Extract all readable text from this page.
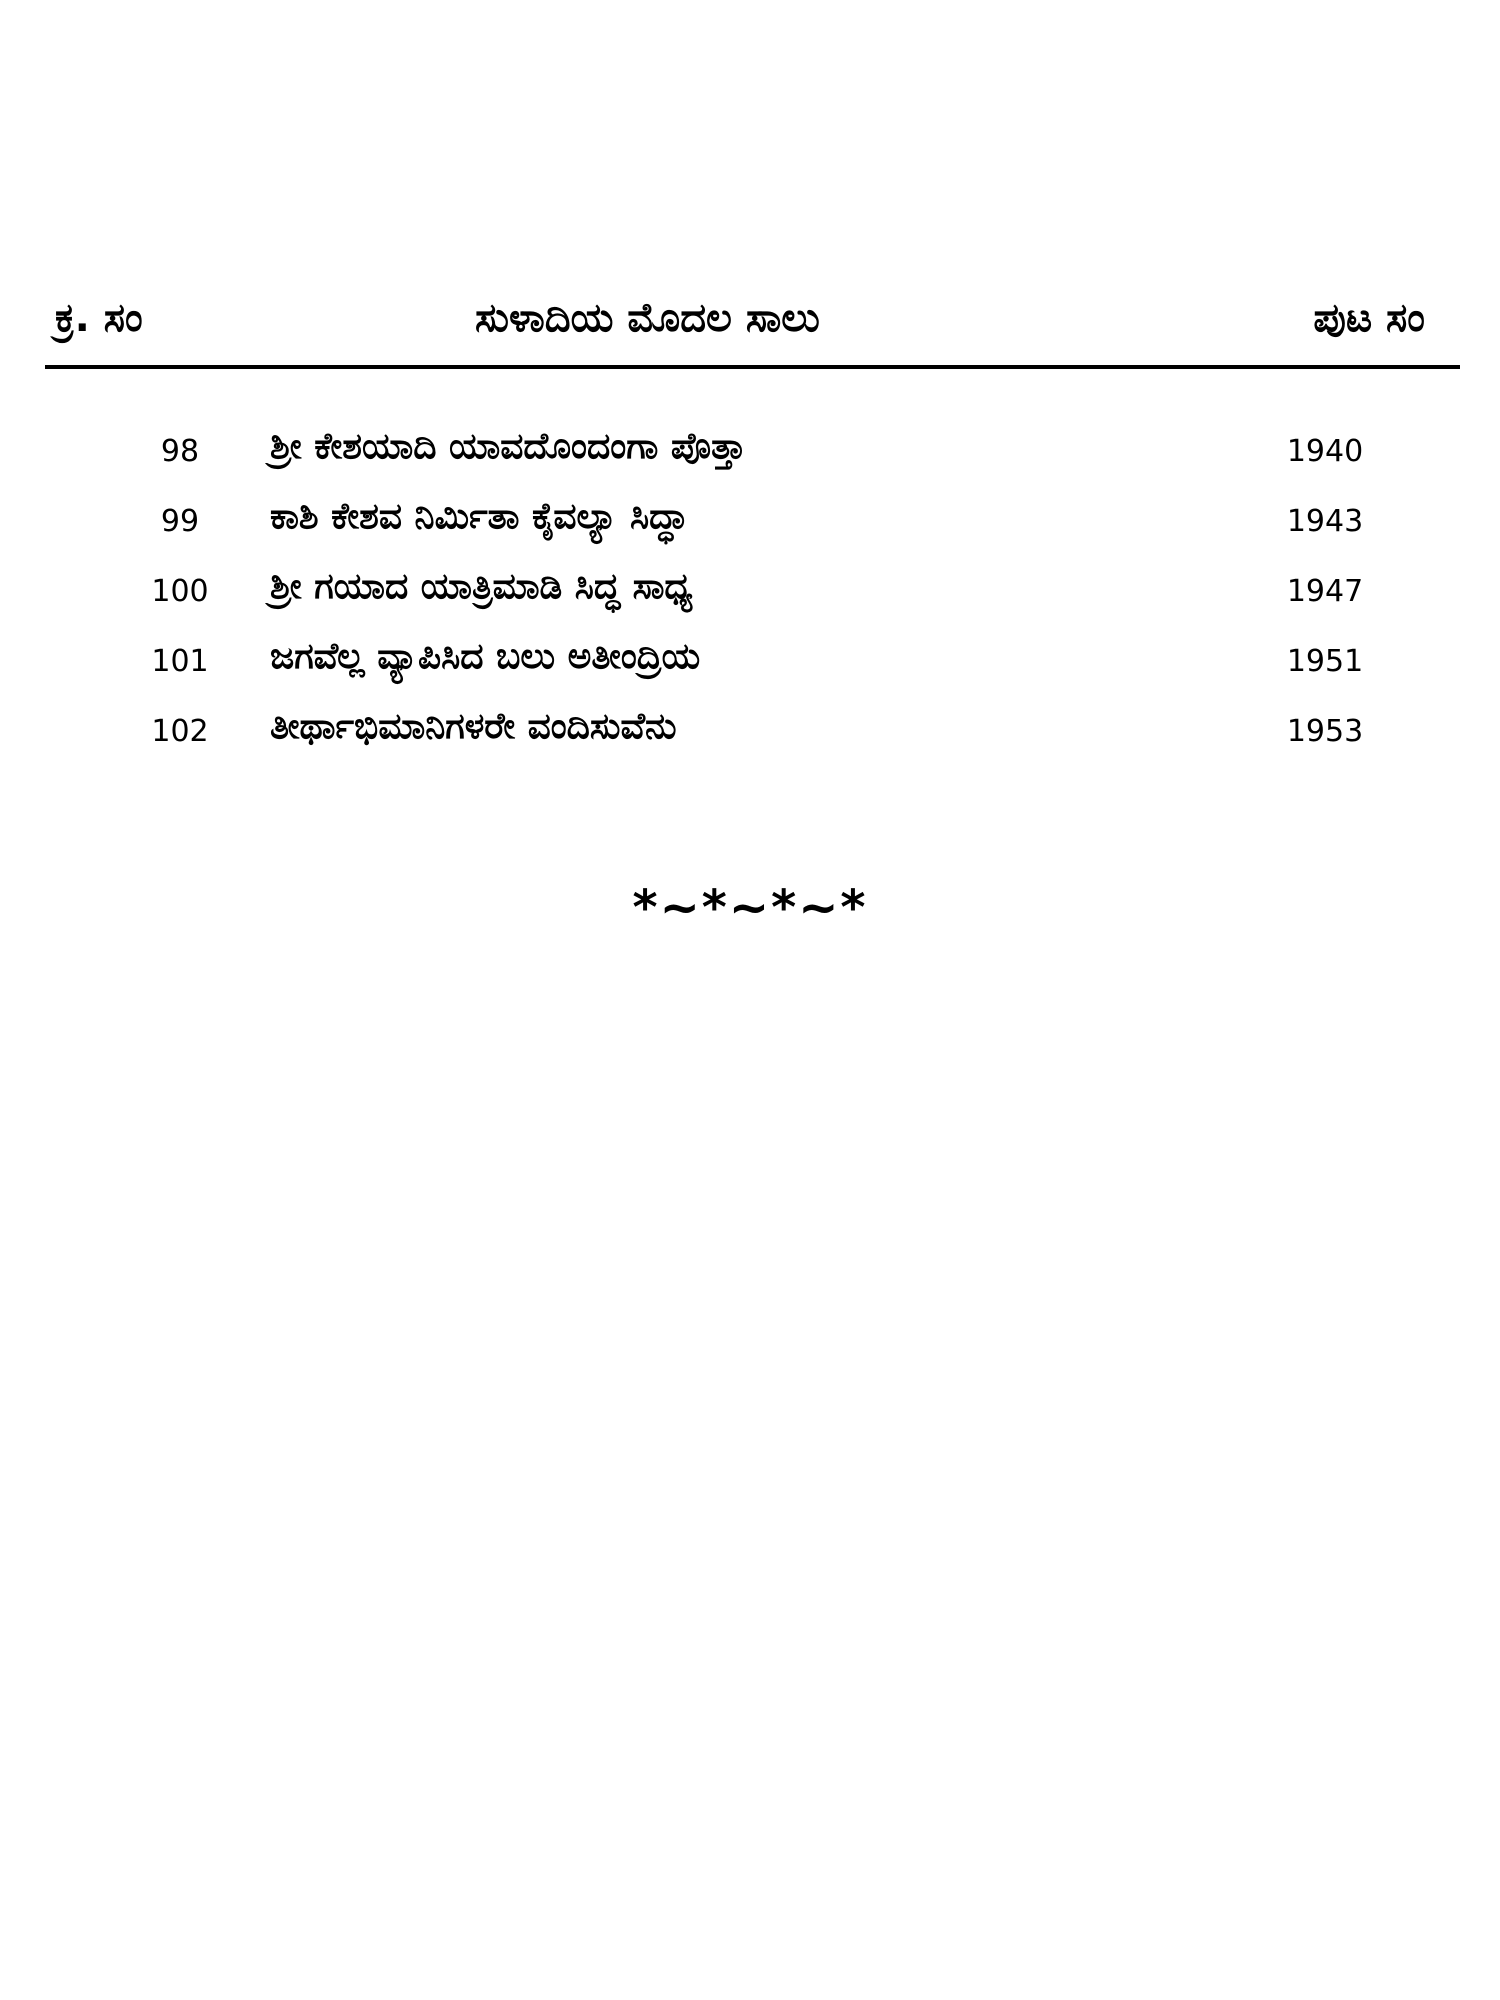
ಕ್ರ. ಸಂ	ಸುಳಾದಿಯ ಮೊದಲ ಸಾಲು	ಪುಟ ಸಂ
98	ಶ್ರೀ ಕೇಶಯಾದಿ ಯಾವದೊಂದಂಗಾ ಪೊತ್ತಾ	1940
99	ಕಾಶಿ ಕೇಶವ ನಿರ್ಮಿತಾ ಕೈವಲ್ಯಾ ಸಿದ್ಧಾ	1943
100	ಶ್ರೀ ಗಯಾದ ಯಾತ್ರಿಮಾಡಿ ಸಿದ್ಧ ಸಾಧ್ಯ	1947
101	ಜಗವೆಲ್ಲ ವ್ಯಾಪಿಸಿದ ಬಲು ಅತೀಂದ್ರಿಯ	1951
102	ತೀರ್ಥಾಭಿಮಾನಿಗಳರೇ ವಂದಿಸುವೆನು	1953
*~*~*~*
